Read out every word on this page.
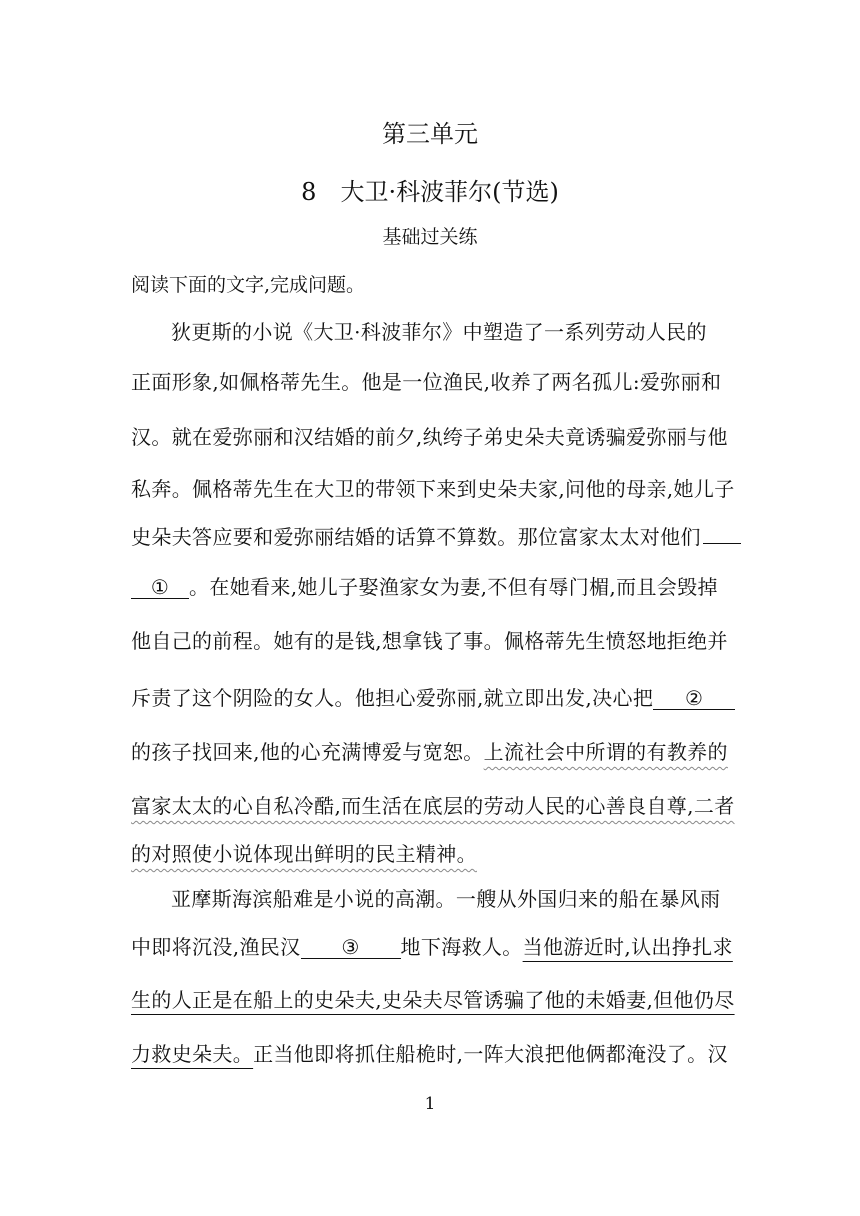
第三单元
8 大卫·科波菲尔(节选)
基础过关练
阅读下面的文字,完成问题。
狄更斯的小说《大卫·科波菲尔》中塑造了一系列劳动人民的
正面形象,如佩格蒂先生。他是一位渔民,收养了两名孤儿:爱弥丽和
汉。就在爱弥丽和汉结婚的前夕,纨绔子弟史朵夫竟诱骗爱弥丽与他
私奔。佩格蒂先生在大卫的带领下来到史朵夫家,问他的母亲,她儿子
史朵夫答应要和爱弥丽结婚的话算不算数。那位富家太太对他们
① 。在她看来,她儿子娶渔家女为妻,不但有辱门楣,而且会毁掉
他自己的前程。她有的是钱,想拿钱了事。佩格蒂先生愤怒地拒绝并
斥责了这个阴险的女人。他担心爱弥丽,就立即出发,决心把 ②
的孩子找回来,他的心充满博爱与宽恕。上流社会中所谓的有教养的
富家太太的心自私冷酷,而生活在底层的劳动人民的心善良自尊,二者
的对照使小说体现出鲜明的民主精神。
亚摩斯海滨船难是小说的高潮。一艘从外国归来的船在暴风雨
中即将沉没,渔民汉 ③ 地下海救人。当他游近时,认出挣扎求
生的人正是在船上的史朵夫,史朵夫尽管诱骗了他的未婚妻,但他仍尽
力救史朵夫。正当他即将抓住船桅时,一阵大浪把他俩都淹没了。汉
1
